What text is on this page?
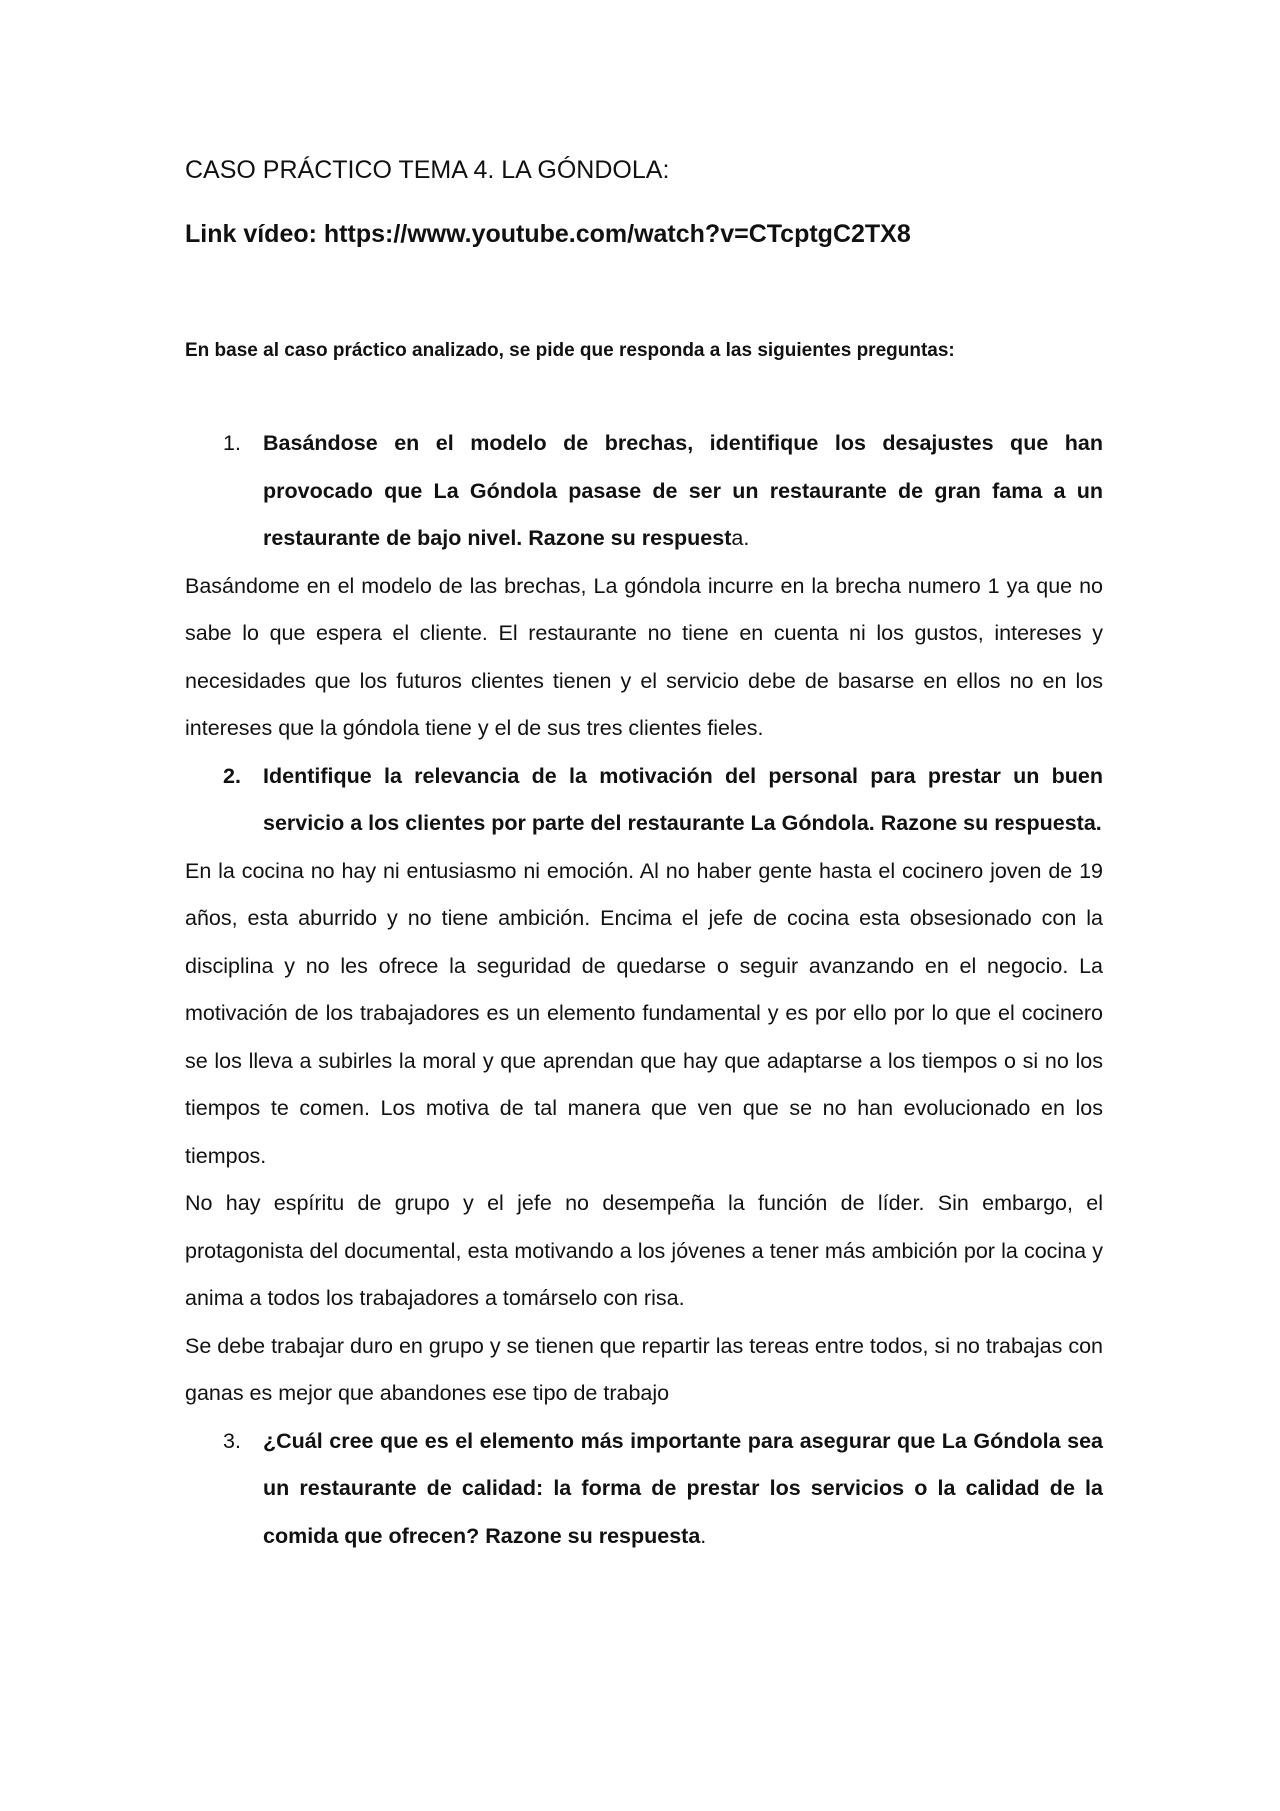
CASO PRÁCTICO TEMA 4. LA GÓNDOLA:

Link vídeo: https://www.youtube.com/watch?v=CTcptgC2TX8

En base al caso práctico analizado, se pide que responda a las siguientes preguntas:

1. Basándose en el modelo de brechas, identifique los desajustes que han provocado que La Góndola pasase de ser un restaurante de gran fama a un restaurante de bajo nivel. Razone su respuesta.

Basándome en el modelo de las brechas, La góndola incurre en la brecha numero 1 ya que no sabe lo que espera el cliente. El restaurante no tiene en cuenta ni los gustos, intereses y necesidades que los futuros clientes tienen y el servicio debe de basarse en ellos no en los intereses que la góndola tiene y el de sus tres clientes fieles.

2. Identifique la relevancia de la motivación del personal para prestar un buen servicio a los clientes por parte del restaurante La Góndola. Razone su respuesta.

En la cocina no hay ni entusiasmo ni emoción. Al no haber gente hasta el cocinero joven de 19 años, esta aburrido y no tiene ambición. Encima el jefe de cocina esta obsesionado con la disciplina y no les ofrece la seguridad de quedarse o seguir avanzando en el negocio. La motivación de los trabajadores es un elemento fundamental y es por ello por lo que el cocinero se los lleva a subirles la moral y que aprendan que hay que adaptarse a los tiempos o si no los tiempos te comen. Los motiva de tal manera que ven que se no han evolucionado en los tiempos.

No hay espíritu de grupo y el jefe no desempeña la función de líder. Sin embargo, el protagonista del documental, esta motivando a los jóvenes a tener más ambición por la cocina y anima a todos los trabajadores a tomárselo con risa.

Se debe trabajar duro en grupo y se tienen que repartir las tereas entre todos, si no trabajas con ganas es mejor que abandones ese tipo de trabajo

3. ¿Cuál cree que es el elemento más importante para asegurar que La Góndola sea un restaurante de calidad: la forma de prestar los servicios o la calidad de la comida que ofrecen? Razone su respuesta.
